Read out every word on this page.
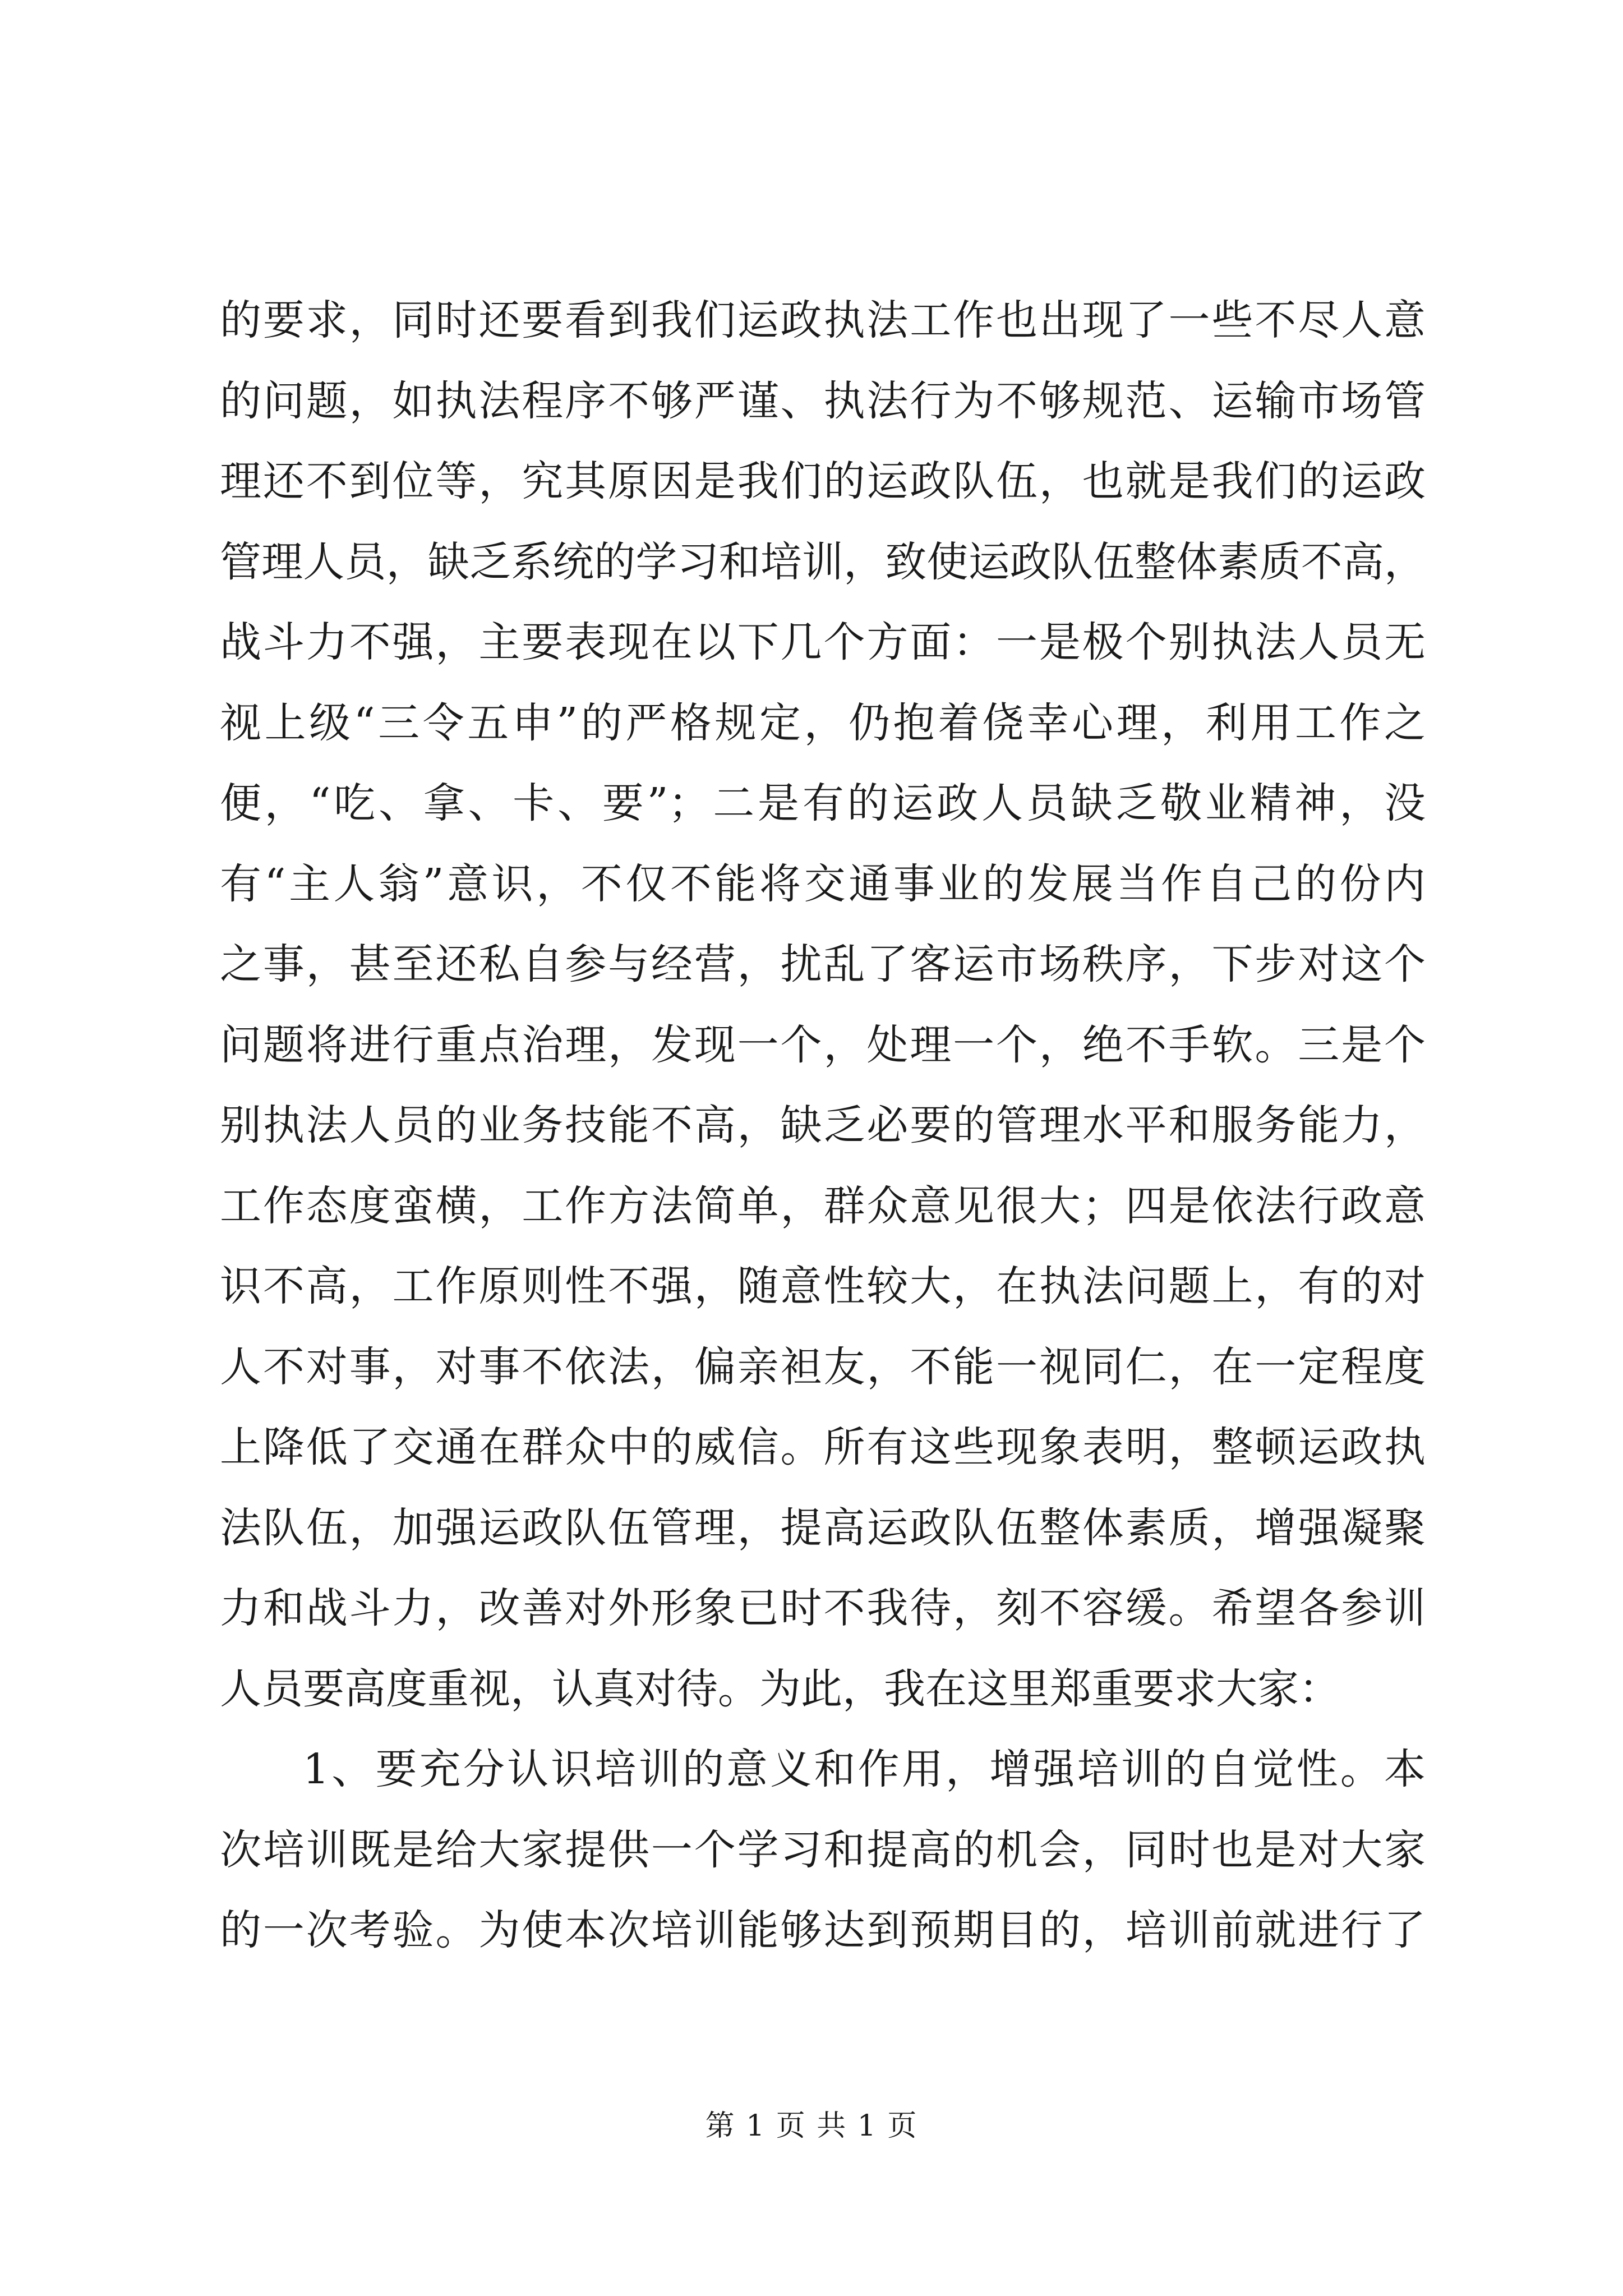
的要求，同时还要看到我们运政执法工作也出现了一些不尽人意
的问题，如执法程序不够严谨、执法行为不够规范、运输市场管
理还不到位等，究其原因是我们的运政队伍，也就是我们的运政
管理人员，缺乏系统的学习和培训，致使运政队伍整体素质不高，
战斗力不强，主要表现在以下几个方面：一是极个别执法人员无
视上级“三令五申”的严格规定，仍抱着侥幸心理，利用工作之
便，“吃、拿、卡、要”；二是有的运政人员缺乏敬业精神，没
有“主人翁”意识，不仅不能将交通事业的发展当作自己的份内
之事，甚至还私自参与经营，扰乱了客运市场秩序，下步对这个
问题将进行重点治理，发现一个，处理一个，绝不手软。三是个
别执法人员的业务技能不高，缺乏必要的管理水平和服务能力，
工作态度蛮横，工作方法简单，群众意见很大；四是依法行政意
识不高，工作原则性不强，随意性较大，在执法问题上，有的对
人不对事，对事不依法，偏亲袒友，不能一视同仁，在一定程度
上降低了交通在群众中的威信。所有这些现象表明，整顿运政执
法队伍，加强运政队伍管理，提高运政队伍整体素质，增强凝聚
力和战斗力，改善对外形象已时不我待，刻不容缓。希望各参训
人员要高度重视，认真对待。为此，我在这里郑重要求大家：
1、要充分认识培训的意义和作用，增强培训的自觉性。本
次培训既是给大家提供一个学习和提高的机会，同时也是对大家
的一次考验。为使本次培训能够达到预期目的，培训前就进行了
第 1 页 共 1 页
